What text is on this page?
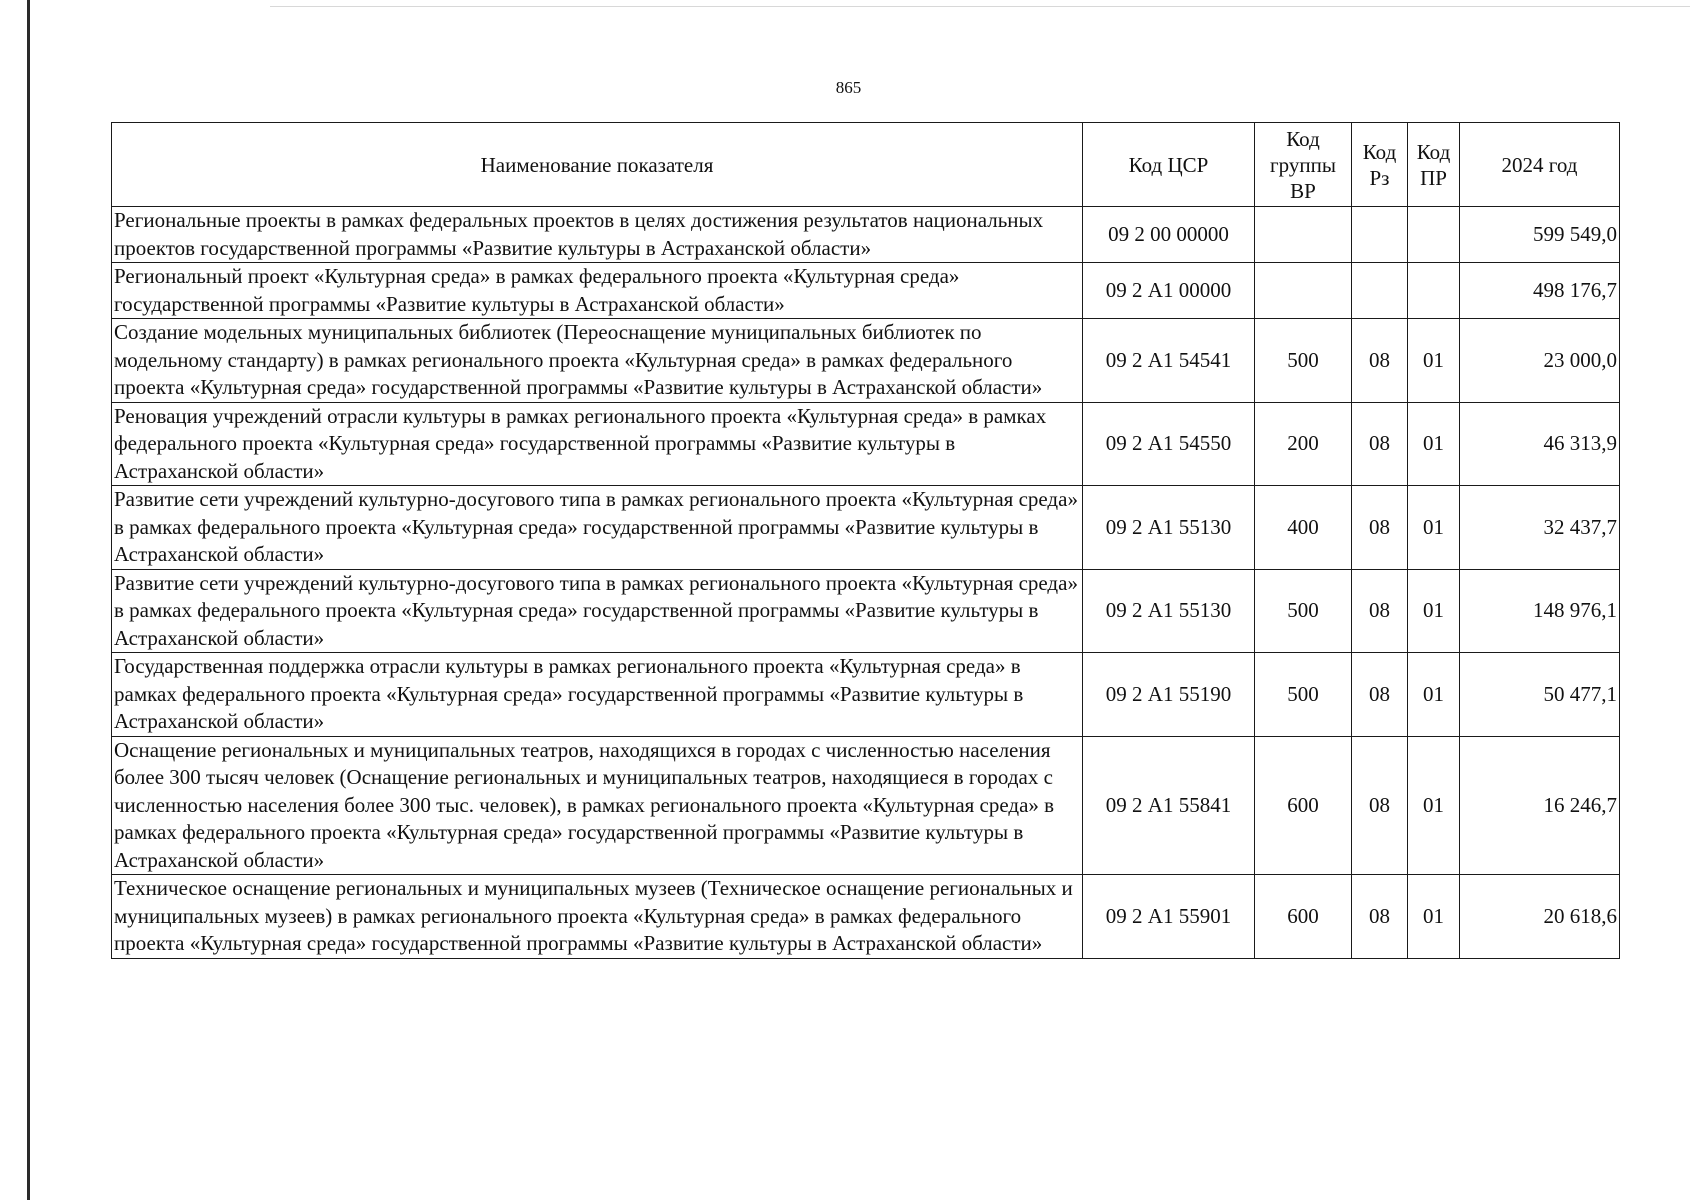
865
Наименование показателя	Код ЦСР	Код группы ВР	Код Рз	Код ПР	2024 год
Региональные проекты в рамках федеральных проектов в целях достижения результатов национальных проектов государственной программы «Развитие культуры в Астраханской области»	09 2 00 00000				599 549,0
Региональный проект «Культурная среда» в рамках федерального проекта «Культурная среда» государственной программы «Развитие культуры в Астраханской области»	09 2 А1 00000				498 176,7
Создание модельных муниципальных библиотек (Переоснащение муниципальных библиотек по модельному стандарту) в рамках регионального проекта «Культурная среда» в рамках федерального проекта «Культурная среда» государственной программы «Развитие культуры в Астраханской области»	09 2 А1 54541	500	08	01	23 000,0
Реновация учреждений отрасли культуры в рамках регионального проекта «Культурная среда» в рамках федерального проекта «Культурная среда» государственной программы «Развитие культуры в Астраханской области»	09 2 А1 54550	200	08	01	46 313,9
Развитие сети учреждений культурно-досугового типа в рамках регионального проекта «Культурная среда» в рамках федерального проекта «Культурная среда» государственной программы «Развитие культуры в Астраханской области»	09 2 А1 55130	400	08	01	32 437,7
Развитие сети учреждений культурно-досугового типа в рамках регионального проекта «Культурная среда» в рамках федерального проекта «Культурная среда» государственной программы «Развитие культуры в Астраханской области»	09 2 А1 55130	500	08	01	148 976,1
Государственная поддержка отрасли культуры в рамках регионального проекта «Культурная среда» в рамках федерального проекта «Культурная среда» государственной программы «Развитие культуры в Астраханской области»	09 2 А1 55190	500	08	01	50 477,1
Оснащение региональных и муниципальных театров, находящихся в городах с численностью населения более 300 тысяч человек (Оснащение региональных и муниципальных театров, находящиеся в городах с численностью населения более 300 тыс. человек), в рамках регионального проекта «Культурная среда» в рамках федерального проекта «Культурная среда» государственной программы «Развитие культуры в Астраханской области»	09 2 А1 55841	600	08	01	16 246,7
Техническое оснащение региональных и муниципальных музеев (Техническое оснащение региональных и муниципальных музеев) в рамках регионального проекта «Культурная среда» в рамках федерального проекта «Культурная среда» государственной программы «Развитие культуры в Астраханской области»	09 2 А1 55901	600	08	01	20 618,6
